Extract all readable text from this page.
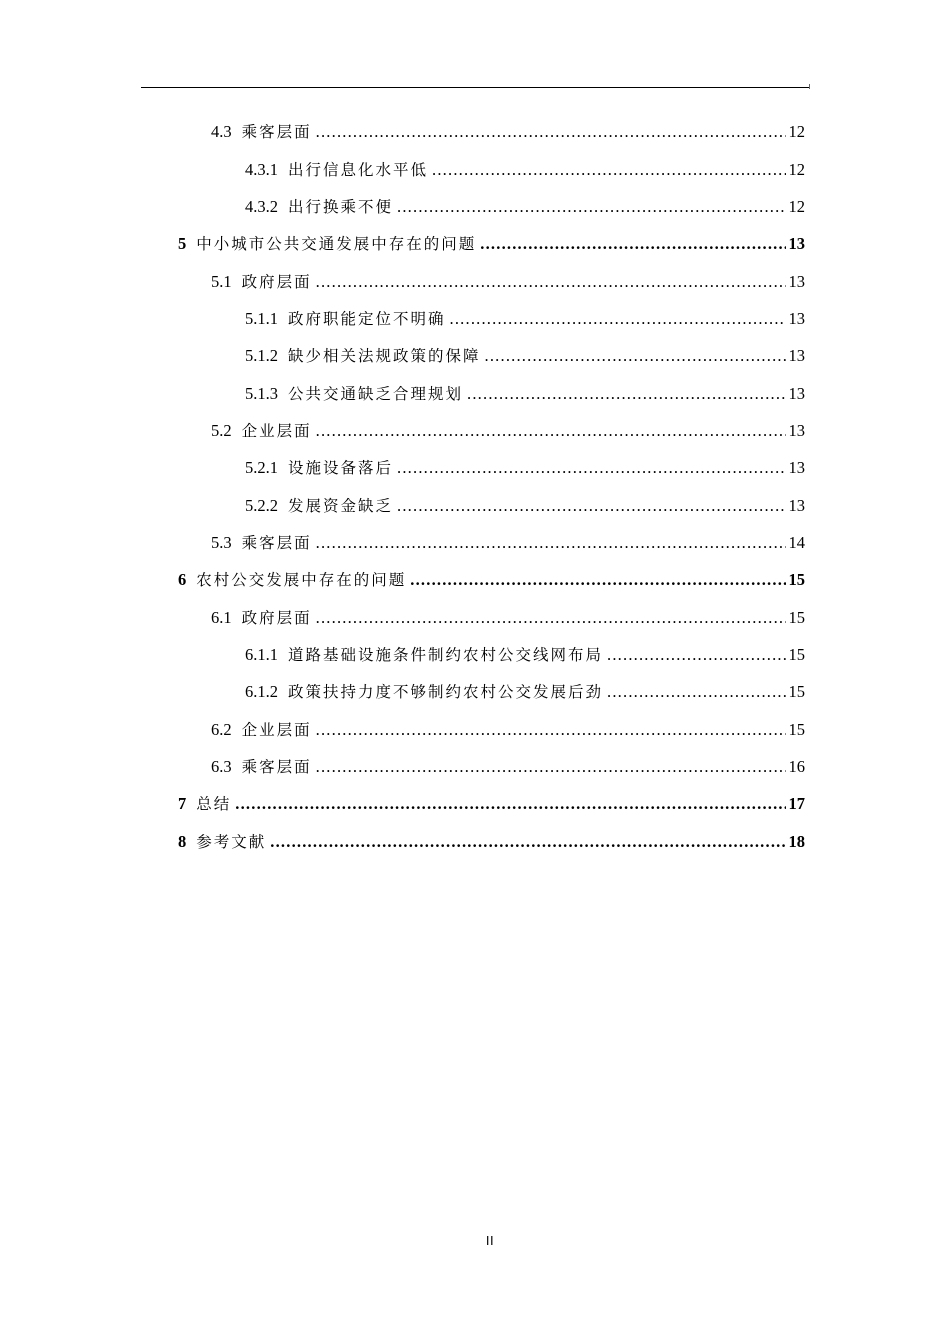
4.3 乘客层面 .....	12
4.3.1 出行信息化水平低 .....	12
4.3.2 出行换乘不便 .....	12
5 中小城市公共交通发展中存在的问题 .....	13
5.1 政府层面 .....	13
5.1.1 政府职能定位不明确 .....	13
5.1.2 缺少相关法规政策的保障 .....	13
5.1.3 公共交通缺乏合理规划 .....	13
5.2 企业层面 .....	13
5.2.1 设施设备落后 .....	13
5.2.2 发展资金缺乏 .....	13
5.3 乘客层面 .....	14
6 农村公交发展中存在的问题 .....	15
6.1 政府层面 .....	15
6.1.1 道路基础设施条件制约农村公交线网布局 .....	15
6.1.2 政策扶持力度不够制约农村公交发展后劲 .....	15
6.2 企业层面 .....	15
6.3 乘客层面 .....	16
7 总结 .....	17
8 参考文献 .....	18
II
